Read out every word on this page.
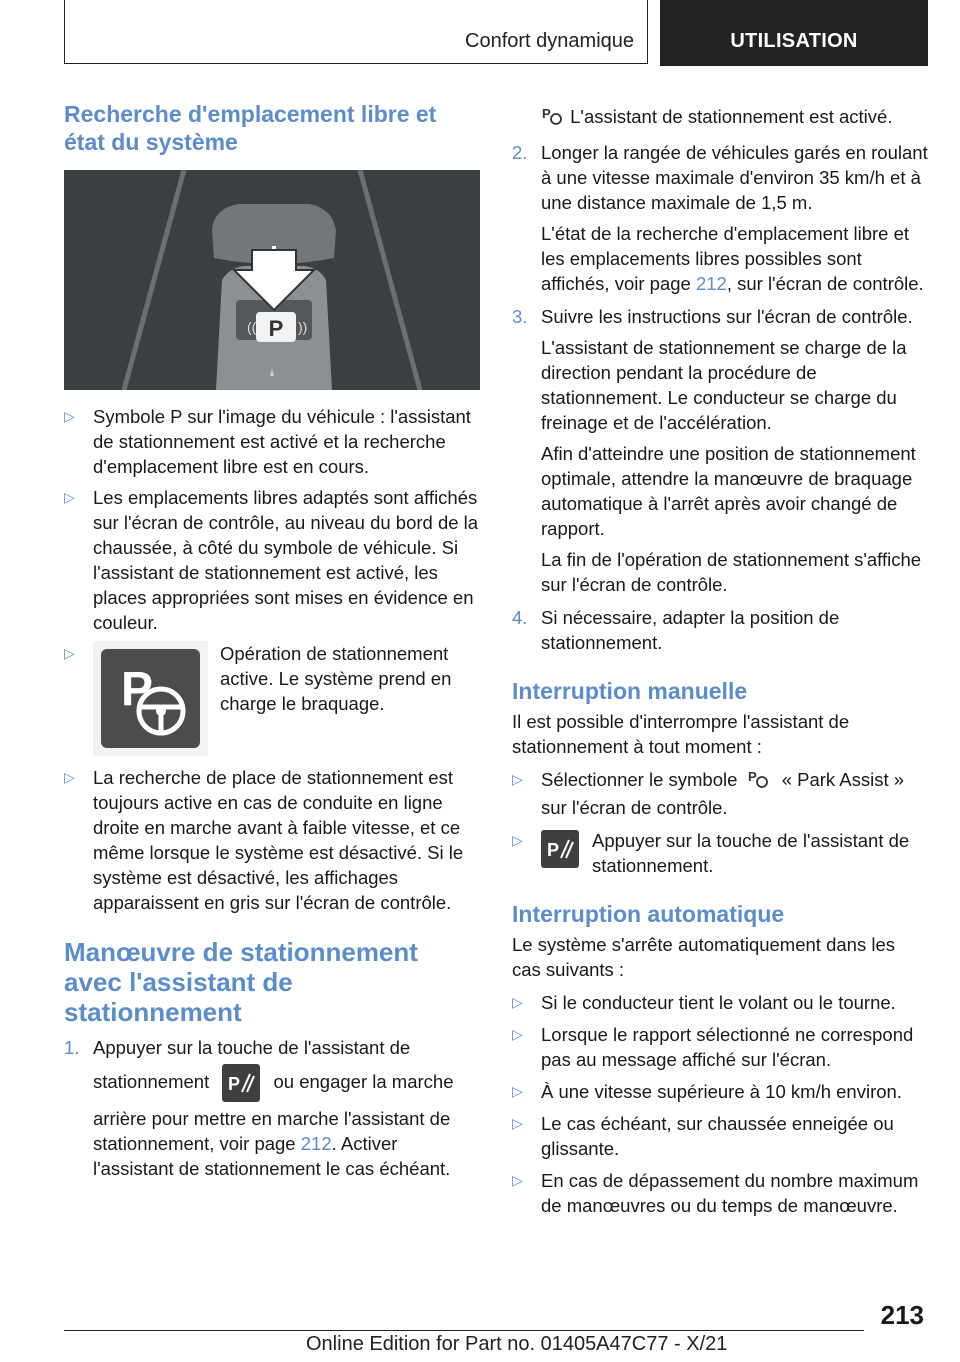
Confort dynamique	UTILISATION
Recherche d'emplacement libre et état du système
P
((	))
▷ Symbole P sur l'image du véhicule : l'assistant de stationnement est activé et la recherche d'emplacement libre est en cours.
▷ Les emplacements libres adaptés sont affichés sur l'écran de contrôle, au niveau du bord de la chaussée, à côté du symbole de véhicule. Si l'assistant de stationnement est activé, les places appropriées sont mises en évidence en couleur.
▷
P
Opération de stationnement active. Le système prend en charge le braquage.
▷ La recherche de place de stationnement est toujours active en cas de conduite en ligne droite en marche avant à faible vitesse, et ce même lorsque le système est désactivé. Si le système est désactivé, les affichages apparaissent en gris sur l'écran de contrôle.
Manœuvre de stationnement avec l'assistant de stationnement
1. Appuyer sur la touche de l'assistant de stationnement P ou engager la marche arrière pour mettre en marche l'assistant de stationnement, voir page 212. Activer l'assistant de stationnement le cas échéant.
P L'assistant de stationnement est activé.
2. Longer la rangée de véhicules garés en roulant à une vitesse maximale d'environ 35 km/h et à une distance maximale de 1,5 m.
L'état de la recherche d'emplacement libre et les emplacements libres possibles sont affichés, voir page 212, sur l'écran de contrôle.
3. Suivre les instructions sur l'écran de contrôle.
L'assistant de stationnement se charge de la direction pendant la procédure de stationnement. Le conducteur se charge du freinage et de l'accélération.
Afin d'atteindre une position de stationnement optimale, attendre la manœuvre de braquage automatique à l'arrêt après avoir changé de rapport.
La fin de l'opération de stationnement s'affiche sur l'écran de contrôle.
4. Si nécessaire, adapter la position de stationnement.
Interruption manuelle

Il est possible d'interrompre l'assistant de stationnement à tout moment :

▷ Sélectionner le symbole P « Park Assist » sur l'écran de contrôle.
▷ P Appuyer sur la touche de l'assistant de stationnement.
Interruption automatique

Le système s'arrête automatiquement dans les cas suivants :

▷ Si le conducteur tient le volant ou le tourne.
▷ Lorsque le rapport sélectionné ne correspond pas au message affiché sur l'écran.
▷ À une vitesse supérieure à 10 km/h environ.
▷ Le cas échéant, sur chaussée enneigée ou glissante.
▷ En cas de dépassement du nombre maximum de manœuvres ou du temps de manœuvre.
213
Online Edition for Part no. 01405A47C77 - X/21
